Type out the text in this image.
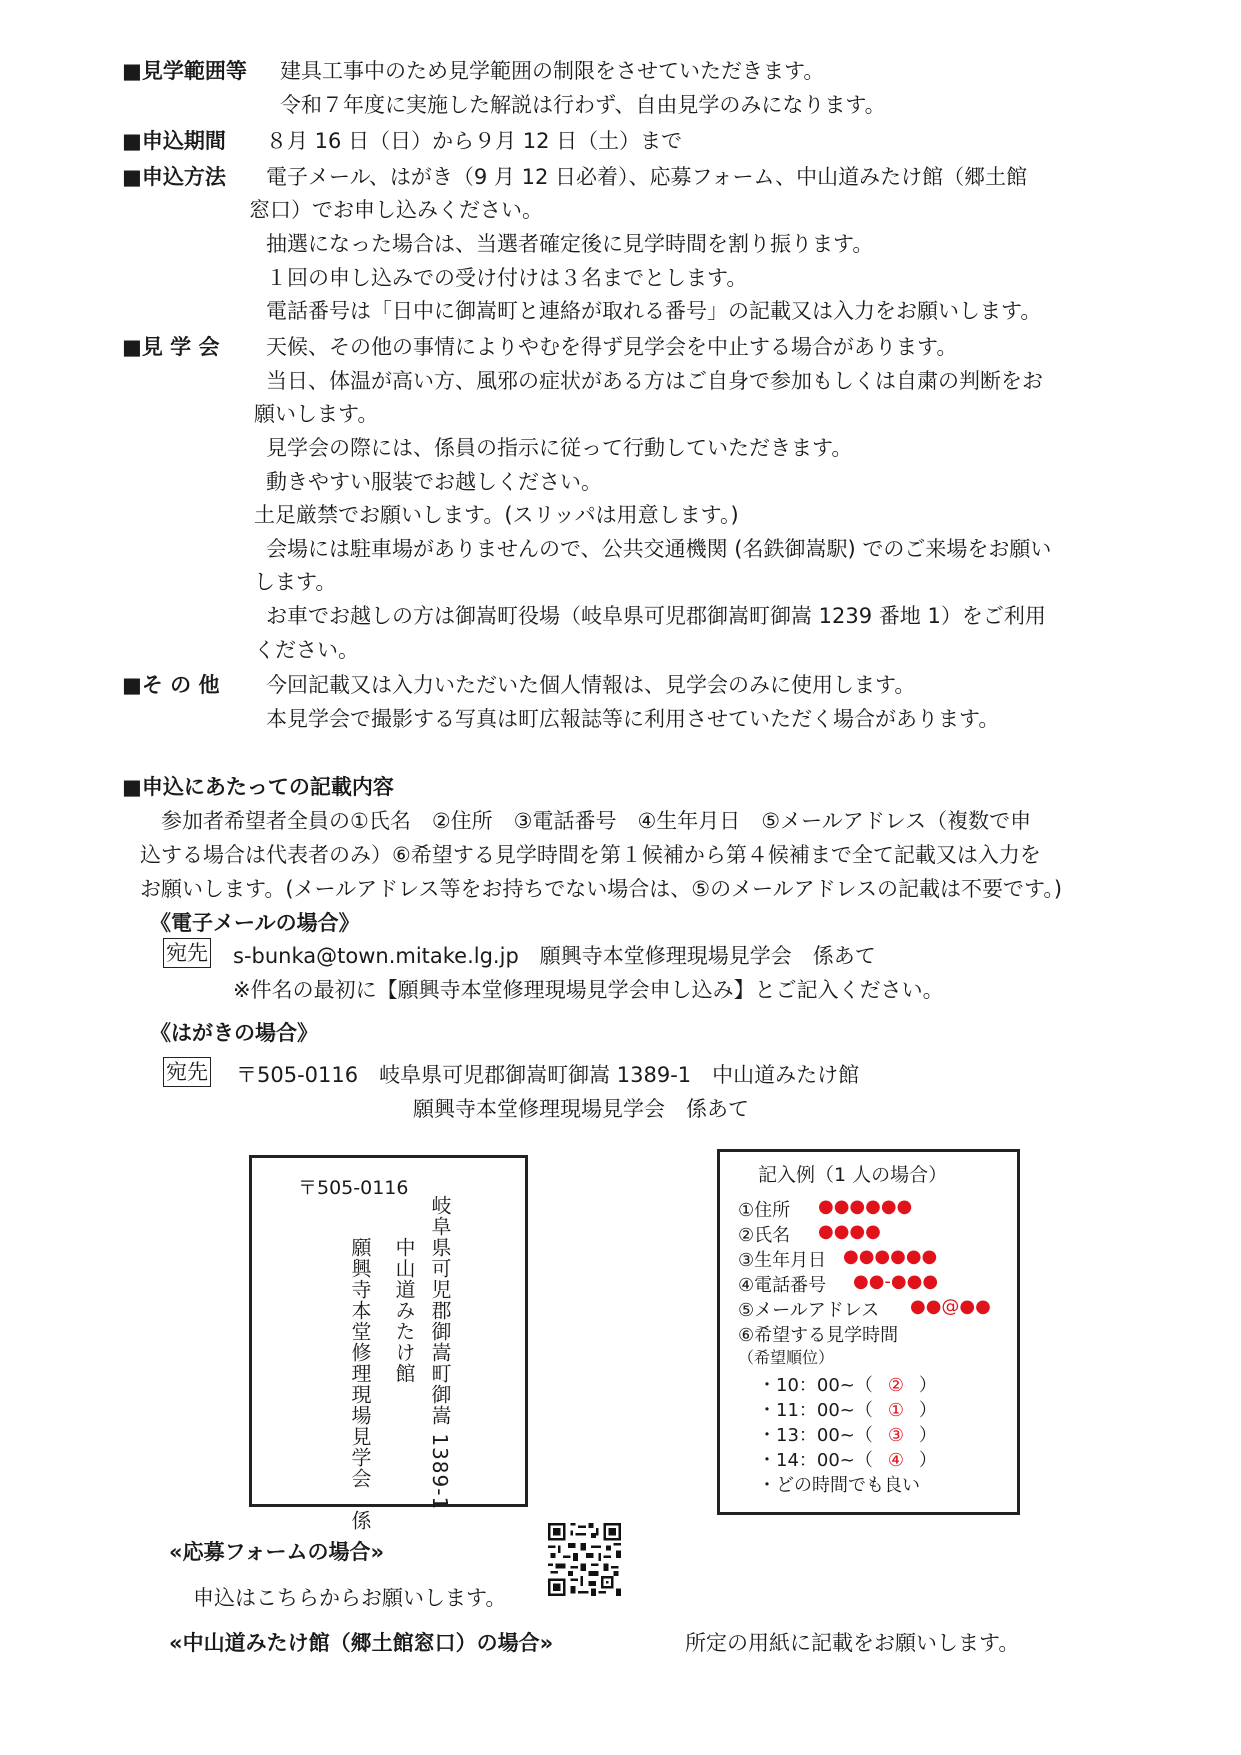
■見学範囲等 建具工事中のため見学範囲の制限をさせていただきます。
令和７年度に実施した解説は行わず、自由見学のみになります。
■申込期間 ８月 16 日（日）から９月 12 日（土）まで
■申込方法 電子メール、はがき（9 月 12 日必着）、応募フォーム、中山道みたけ館（郷土館
窓口）でお申し込みください。
抽選になった場合は、当選者確定後に見学時間を割り振ります。
１回の申し込みでの受け付けは３名までとします。
電話番号は「日中に御嵩町と連絡が取れる番号」の記載又は入力をお願いします。
■見 学 会 天候、その他の事情によりやむを得ず見学会を中止する場合があります。
当日、体温が高い方、風邪の症状がある方はご自身で参加もしくは自粛の判断をお
願いします。
見学会の際には、係員の指示に従って行動していただきます。
動きやすい服装でお越しください。
土足厳禁でお願いします。(スリッパは用意します。)
会場には駐車場がありませんので、公共交通機関 (名鉄御嵩駅) でのご来場をお願い
します。
お車でお越しの方は御嵩町役場（岐阜県可児郡御嵩町御嵩 1239 番地 1）をご利用
ください。
■そ の 他 今回記載又は入力いただいた個人情報は、見学会のみに使用します。
本見学会で撮影する写真は町広報誌等に利用させていただく場合があります。
■申込にあたっての記載内容
参加者希望者全員の①氏名　②住所　③電話番号　④生年月日　⑤メールアドレス（複数で申
込する場合は代表者のみ）⑥希望する見学時間を第１候補から第４候補まで全て記載又は入力を
お願いします。(メールアドレス等をお持ちでない場合は、⑤のメールアドレスの記載は不要です。)
《電子メールの場合》
宛先 s-bunka@town.mitake.lg.jp　願興寺本堂修理現場見学会　係あて
※件名の最初に【願興寺本堂修理現場見学会申し込み】とご記入ください。
《はがきの場合》
宛先 〒505-0116　岐阜県可児郡御嵩町御嵩 1389-1　中山道みたけ館
願興寺本堂修理現場見学会　係あて
〒505-0116
岐阜県可児郡御嵩町御嵩 1389-1
中山道みたけ館
願興寺本堂修理現場見学会　係
記入例（1 人の場合）
①住所 ●●●●●●
②氏名 ●●●●
③生年月日 ●●●●●●
④電話番号 ●●-●●●
⑤メールアドレス ●●@●●
⑥希望する見学時間
（希望順位）
・10：00~（ ② ）
・11：00~（ ① ）
・13：00~（ ③ ）
・14：00~（ ④ ）
・どの時間でも良い
«応募フォームの場合»
申込はこちらからお願いします。
«中山道みたけ館（郷土館窓口）の場合»	所定の用紙に記載をお願いします。
